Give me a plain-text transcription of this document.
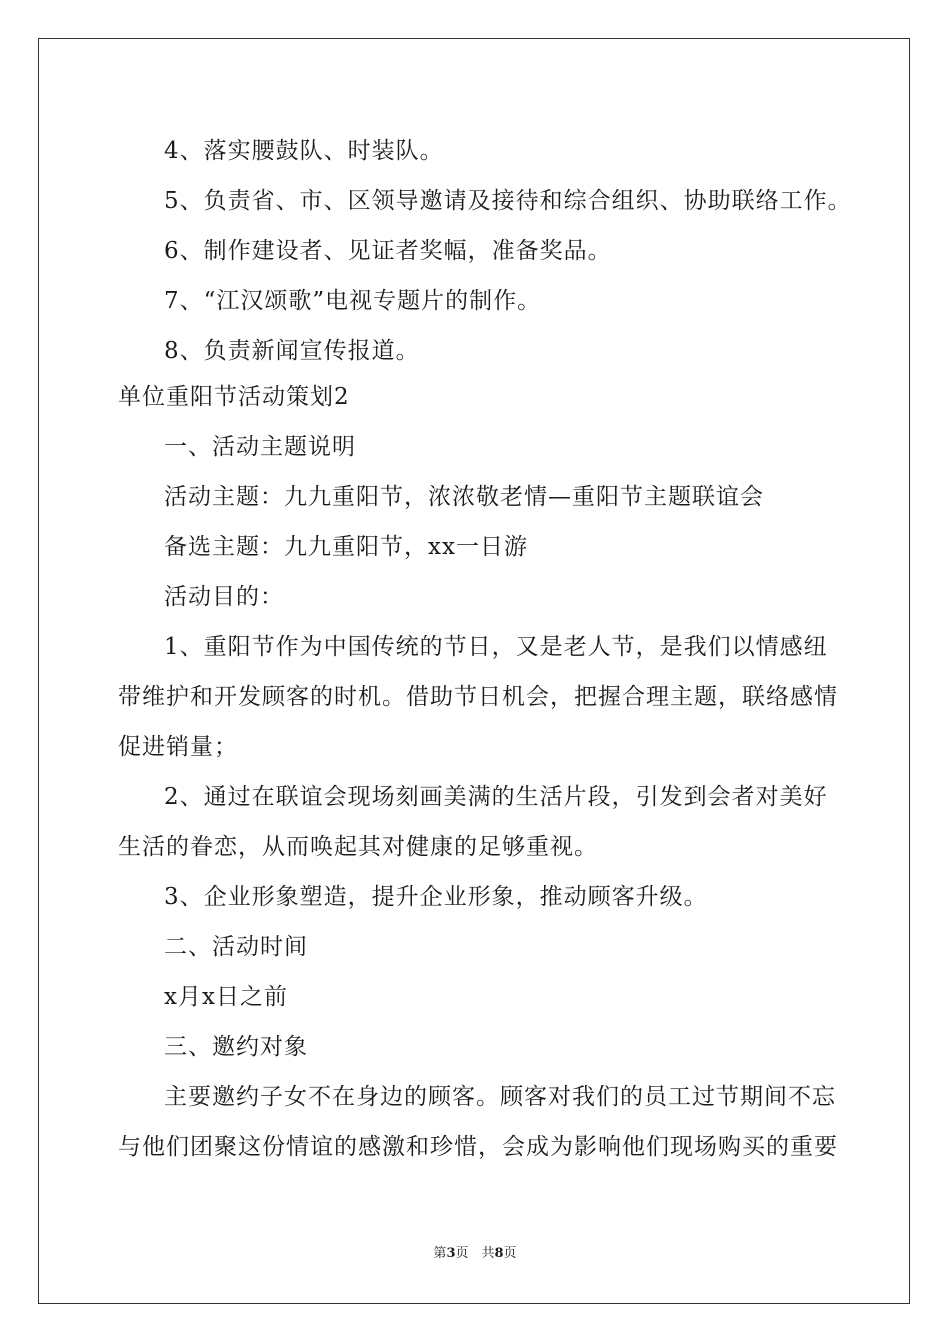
4、落实腰鼓队、时装队。
5、负责省、市、区领导邀请及接待和综合组织、协助联络工作。
6、制作建设者、见证者奖幅，准备奖品。
7、“江汉颂歌”电视专题片的制作。
8、负责新闻宣传报道。
单位重阳节活动策划2
一、活动主题说明
活动主题：九九重阳节，浓浓敬老情—重阳节主题联谊会
备选主题：九九重阳节，xx一日游
活动目的：
1、重阳节作为中国传统的节日，又是老人节，是我们以情感纽
带维护和开发顾客的时机。借助节日机会，把握合理主题，联络感情
促进销量；
2、通过在联谊会现场刻画美满的生活片段，引发到会者对美好
生活的眷恋，从而唤起其对健康的足够重视。
3、企业形象塑造，提升企业形象，推动顾客升级。
二、活动时间
x月x日之前
三、邀约对象
主要邀约子女不在身边的顾客。顾客对我们的员工过节期间不忘
与他们团聚这份情谊的感激和珍惜，会成为影响他们现场购买的重要
第3页　共8页
